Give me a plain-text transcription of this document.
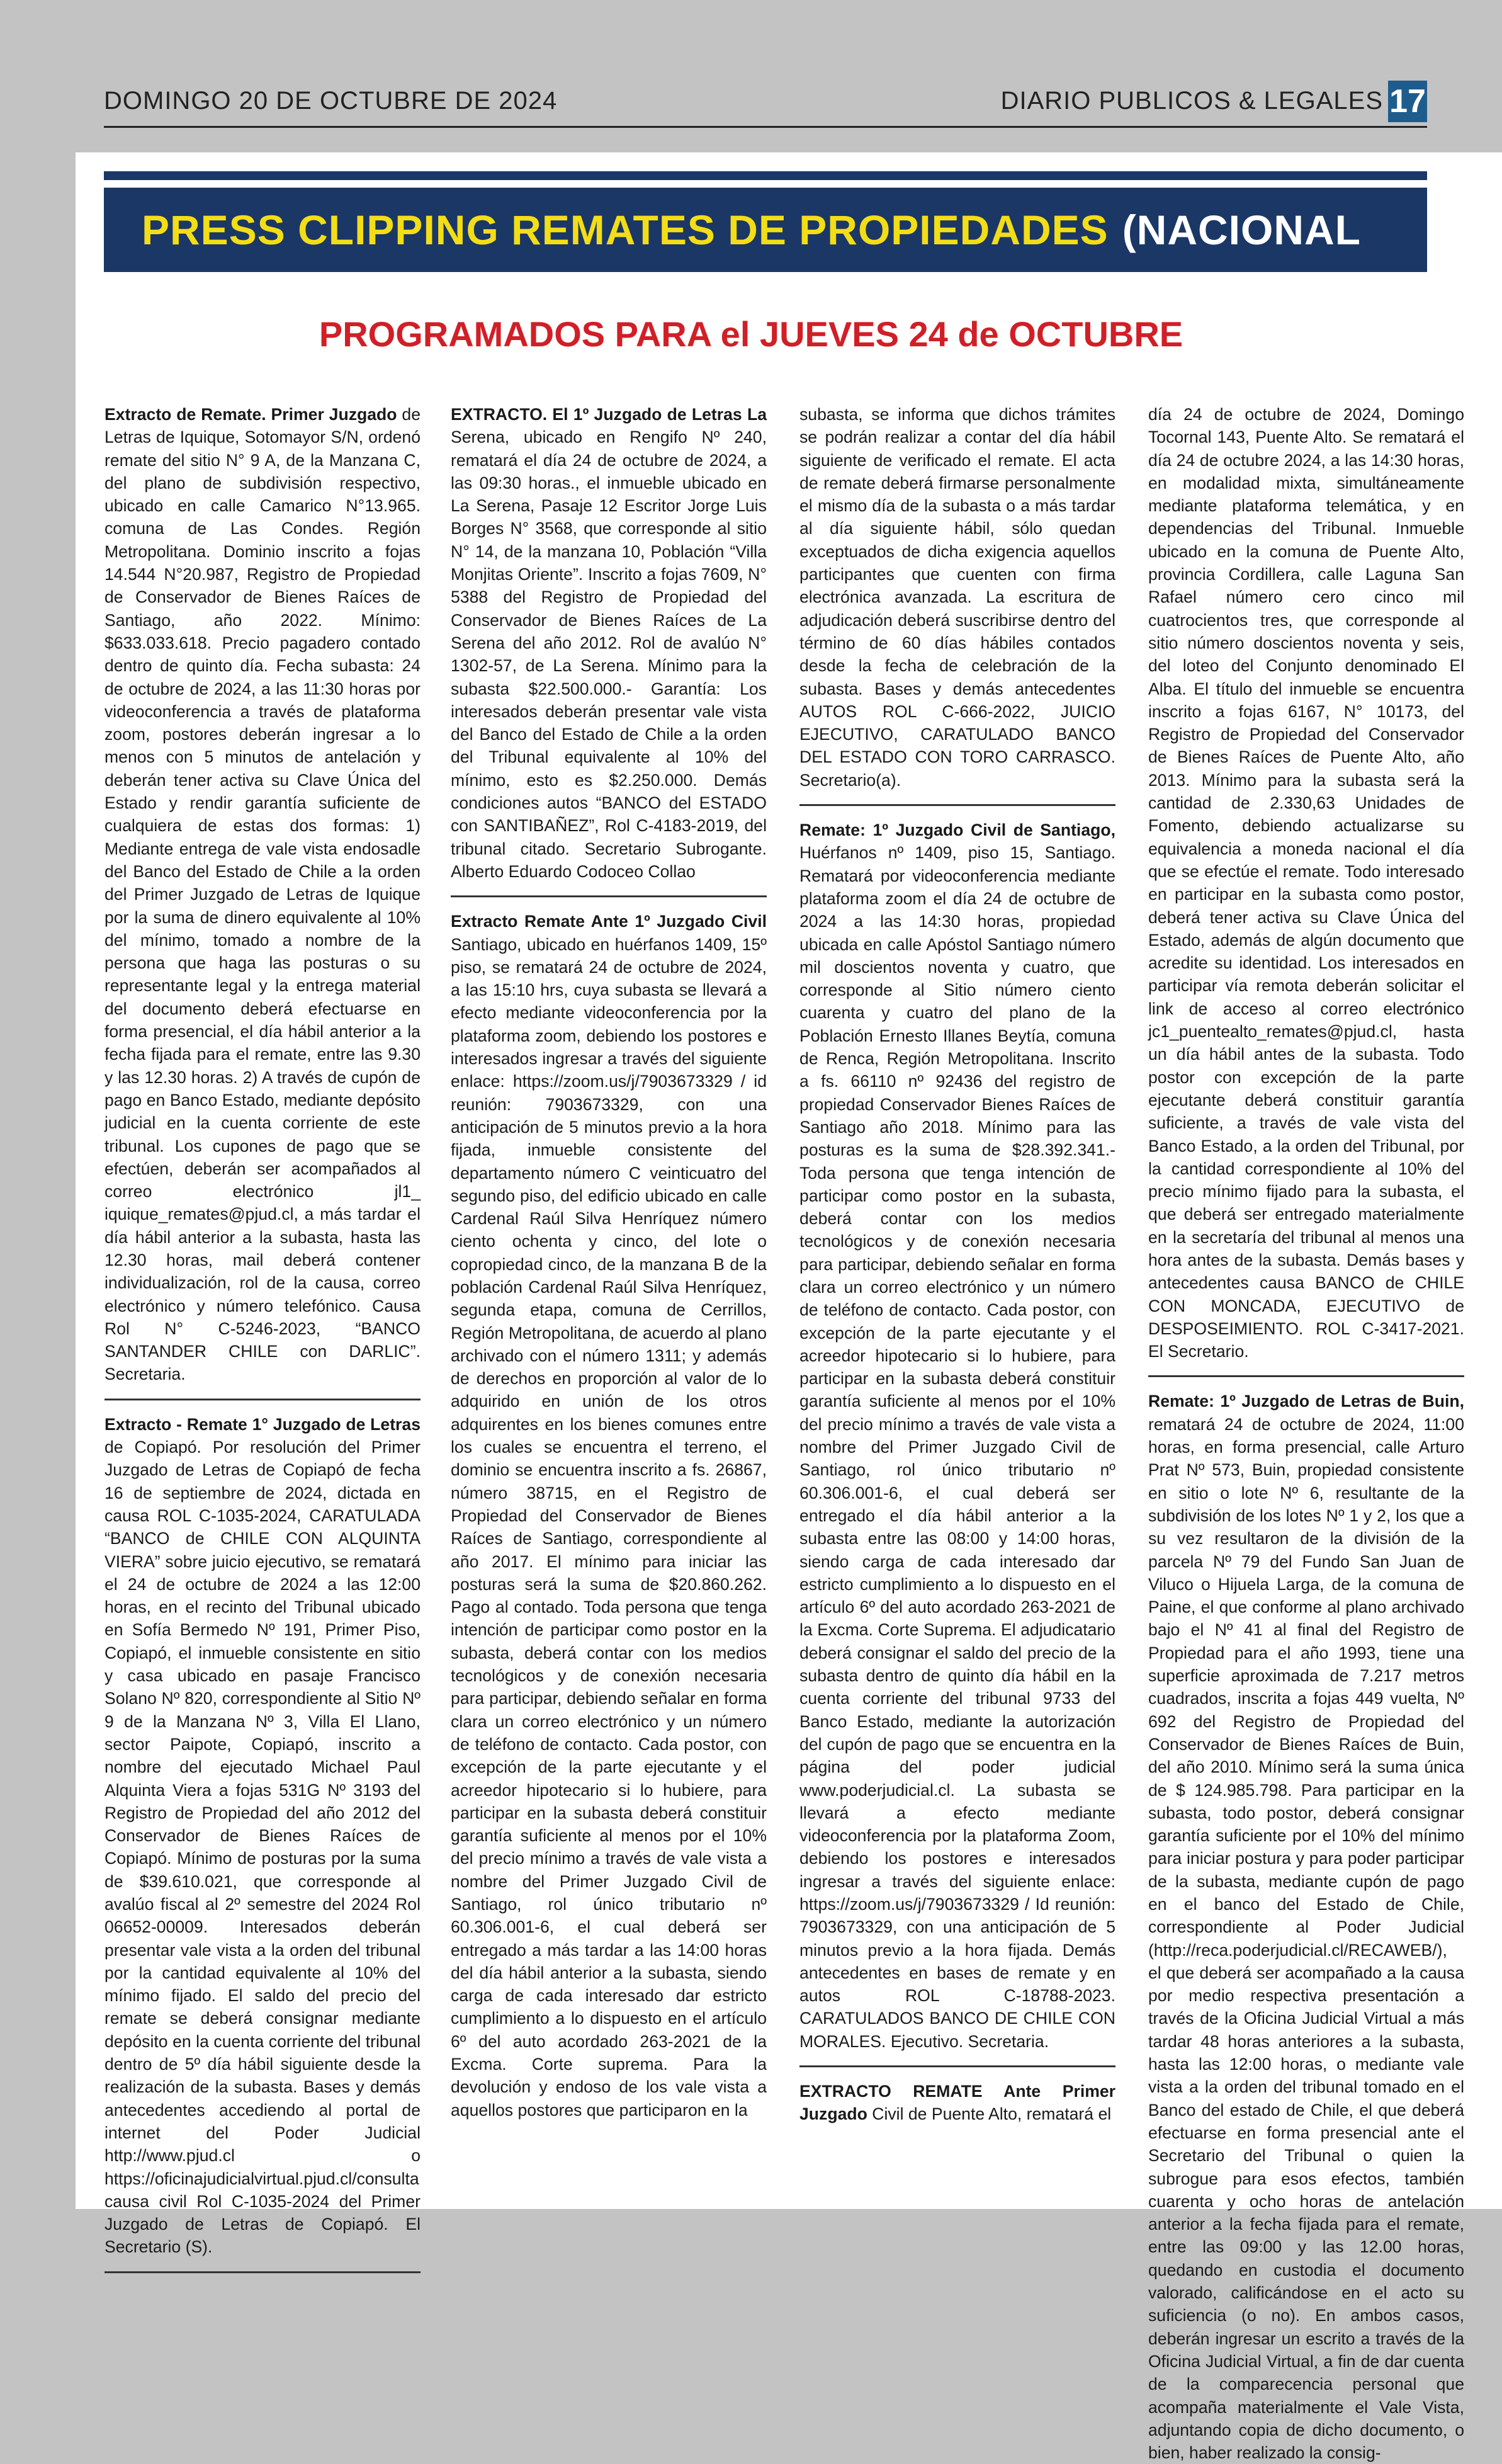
DOMINGO 20 DE OCTUBRE DE 2024	DIARIO PUBLICOS & LEGALES 17
PRESS CLIPPING REMATES DE PROPIEDADES (NACIONAL
PROGRAMADOS PARA el JUEVES 24 de OCTUBRE

Extracto de Remate. Primer Juzgado de Letras de Iquique, Sotomayor S/N, ordenó remate del sitio N° 9 A, de la Manzana C, del plano de subdivisión respectivo, ubicado en calle Camarico N°13.965. comuna de Las Condes. Región Metropolitana. Dominio inscrito a fojas 14.544 N°20.987, Registro de Propiedad de Conservador de Bienes Raíces de Santiago, año 2022. Mínimo: $633.033.618. Precio pagadero contado dentro de quinto día. Fecha subasta: 24 de octubre de 2024, a las 11:30 horas por videoconferencia a través de plataforma zoom, postores deberán ingresar a lo menos con 5 minutos de antelación y deberán tener activa su Clave Única del Estado y rendir garantía suficiente de cualquiera de estas dos formas: 1) Mediante entrega de vale vista endosadle del Banco del Estado de Chile a la orden del Primer Juzgado de Letras de Iquique por la suma de dinero equivalente al 10% del mínimo, tomado a nombre de la persona que haga las posturas o su representante legal y la entrega material del documento deberá efectuarse en forma presencial, el día hábil anterior a la fecha fijada para el remate, entre las 9.30 y las 12.30 horas. 2) A través de cupón de pago en Banco Estado, mediante depósito judicial en la cuenta corriente de este tribunal. Los cupones de pago que se efectúen, deberán ser acompañados al correo electrónico jl1_ iquique_remates@pjud.cl, a más tardar el día hábil anterior a la subasta, hasta las 12.30 horas, mail deberá contener individualización, rol de la causa, correo electrónico y número telefónico. Causa Rol N° C-5246-2023, “BANCO SANTANDER CHILE con DARLIC”. Secretaria.

Extracto - Remate 1° Juzgado de Letras de Copiapó. Por resolución del Primer Juzgado de Letras de Copiapó de fecha 16 de septiembre de 2024, dictada en causa ROL C-1035-2024, CARATULADA “BANCO de CHILE CON ALQUINTA VIERA” sobre juicio ejecutivo, se rematará el 24 de octubre de 2024 a las 12:00 horas, en el recinto del Tribunal ubicado en Sofía Bermedo Nº 191, Primer Piso, Copiapó, el inmueble consistente en sitio y casa ubicado en pasaje Francisco Solano Nº 820, correspondiente al Sitio Nº 9 de la Manzana Nº 3, Villa El Llano, sector Paipote, Copiapó, inscrito a nombre del ejecutado Michael Paul Alquinta Viera a fojas 531G Nº 3193 del Registro de Propiedad del año 2012 del Conservador de Bienes Raíces de Copiapó. Mínimo de posturas por la suma de $39.610.021, que corresponde al avalúo fiscal al 2º semestre del 2024 Rol 06652-00009. Interesados deberán presentar vale vista a la orden del tribunal por la cantidad equivalente al 10% del mínimo fijado. El saldo del precio del remate se deberá consignar mediante depósito en la cuenta corriente del tribunal dentro de 5º día hábil siguiente desde la realización de la subasta. Bases y demás antecedentes accediendo al portal de internet del Poder Judicial http://www.pjud.cl o https://oficinajudicialvirtual.pjud.cl/consulta causa civil Rol C-1035-2024 del Primer Juzgado de Letras de Copiapó. El Secretario (S).

EXTRACTO. El 1º Juzgado de Letras La Serena, ubicado en Rengifo Nº 240, rematará el día 24 de octubre de 2024, a las 09:30 horas., el inmueble ubicado en La Serena, Pasaje 12 Escritor Jorge Luis Borges N° 3568, que corresponde al sitio N° 14, de la manzana 10, Población “Villa Monjitas Oriente”. Inscrito a fojas 7609, N° 5388 del Registro de Propiedad del Conservador de Bienes Raíces de La Serena del año 2012. Rol de avalúo N° 1302-57, de La Serena. Mínimo para la subasta $22.500.000.- Garantía: Los interesados deberán presentar vale vista del Banco del Estado de Chile a la orden del Tribunal equivalente al 10% del mínimo, esto es $2.250.000. Demás condiciones autos “BANCO del ESTADO con SANTIBAÑEZ”, Rol C-4183-2019, del tribunal citado. Secretario Subrogante. Alberto Eduardo Codoceo Collao

Extracto Remate Ante 1º Juzgado Civil Santiago, ubicado en huérfanos 1409, 15º piso, se rematará 24 de octubre de 2024, a las 15:10 hrs, cuya subasta se llevará a efecto mediante videoconferencia por la plataforma zoom, debiendo los postores e interesados ingresar a través del siguiente enlace: https://zoom.us/j/7903673329 / id reunión: 7903673329, con una anticipación de 5 minutos previo a la hora fijada, inmueble consistente del departamento número C veinticuatro del segundo piso, del edificio ubicado en calle Cardenal Raúl Silva Henríquez número ciento ochenta y cinco, del lote o copropiedad cinco, de la manzana B de la población Cardenal Raúl Silva Henríquez, segunda etapa, comuna de Cerrillos, Región Metropolitana, de acuerdo al plano archivado con el número 1311; y además de derechos en proporción al valor de lo adquirido en unión de los otros adquirentes en los bienes comunes entre los cuales se encuentra el terreno, el dominio se encuentra inscrito a fs. 26867, número 38715, en el Registro de Propiedad del Conservador de Bienes Raíces de Santiago, correspondiente al año 2017. El mínimo para iniciar las posturas será la suma de $20.860.262. Pago al contado. Toda persona que tenga intención de participar como postor en la subasta, deberá contar con los medios tecnológicos y de conexión necesaria para participar, debiendo señalar en forma clara un correo electrónico y un número de teléfono de contacto. Cada postor, con excepción de la parte ejecutante y el acreedor hipotecario si lo hubiere, para participar en la subasta deberá constituir garantía suficiente al menos por el 10% del precio mínimo a través de vale vista a nombre del Primer Juzgado Civil de Santiago, rol único tributario nº 60.306.001-6, el cual deberá ser entregado a más tardar a las 14:00 horas del día hábil anterior a la subasta, siendo carga de cada interesado dar estricto cumplimiento a lo dispuesto en el artículo 6º del auto acordado 263-2021 de la Excma. Corte suprema. Para la devolución y endoso de los vale vista a aquellos postores que participaron en la

subasta, se informa que dichos trámites se podrán realizar a contar del día hábil siguiente de verificado el remate. El acta de remate deberá firmarse personalmente el mismo día de la subasta o a más tardar al día siguiente hábil, sólo quedan exceptuados de dicha exigencia aquellos participantes que cuenten con firma electrónica avanzada. La escritura de adjudicación deberá suscribirse dentro del término de 60 días hábiles contados desde la fecha de celebración de la subasta. Bases y demás antecedentes AUTOS ROL C-666-2022, JUICIO EJECUTIVO, CARATULADO BANCO DEL ESTADO CON TORO CARRASCO. Secretario(a).

Remate: 1º Juzgado Civil de Santiago, Huérfanos nº 1409, piso 15, Santiago. Rematará por videoconferencia mediante plataforma zoom el día 24 de octubre de 2024 a las 14:30 horas, propiedad ubicada en calle Apóstol Santiago número mil doscientos noventa y cuatro, que corresponde al Sitio número ciento cuarenta y cuatro del plano de la Población Ernesto Illanes Beytía, comuna de Renca, Región Metropolitana. Inscrito a fs. 66110 nº 92436 del registro de propiedad Conservador Bienes Raíces de Santiago año 2018. Mínimo para las posturas es la suma de $28.392.341.- Toda persona que tenga intención de participar como postor en la subasta, deberá contar con los medios tecnológicos y de conexión necesaria para participar, debiendo señalar en forma clara un correo electrónico y un número de teléfono de contacto. Cada postor, con excepción de la parte ejecutante y el acreedor hipotecario si lo hubiere, para participar en la subasta deberá constituir garantía suficiente al menos por el 10% del precio mínimo a través de vale vista a nombre del Primer Juzgado Civil de Santiago, rol único tributario nº 60.306.001-6, el cual deberá ser entregado el día hábil anterior a la subasta entre las 08:00 y 14:00 horas, siendo carga de cada interesado dar estricto cumplimiento a lo dispuesto en el artículo 6º del auto acordado 263-2021 de la Excma. Corte Suprema. El adjudicatario deberá consignar el saldo del precio de la subasta dentro de quinto día hábil en la cuenta corriente del tribunal 9733 del Banco Estado, mediante la autorización del cupón de pago que se encuentra en la página del poder judicial www.poderjudicial.cl. La subasta se llevará a efecto mediante videoconferencia por la plataforma Zoom, debiendo los postores e interesados ingresar a través del siguiente enlace: https://zoom.us/j/7903673329 / Id reunión: 7903673329, con una anticipación de 5 minutos previo a la hora fijada. Demás antecedentes en bases de remate y en autos ROL C-18788-2023. CARATULADOS BANCO DE CHILE CON MORALES. Ejecutivo. Secretaria.

EXTRACTO REMATE Ante Primer Juzgado Civil de Puente Alto, rematará el

día 24 de octubre de 2024, Domingo Tocornal 143, Puente Alto. Se rematará el día 24 de octubre 2024, a las 14:30 horas, en modalidad mixta, simultáneamente mediante plataforma telemática, y en dependencias del Tribunal. Inmueble ubicado en la comuna de Puente Alto, provincia Cordillera, calle Laguna San Rafael número cero cinco mil cuatrocientos tres, que corresponde al sitio número doscientos noventa y seis, del loteo del Conjunto denominado El Alba. El título del inmueble se encuentra inscrito a fojas 6167, N° 10173, del Registro de Propiedad del Conservador de Bienes Raíces de Puente Alto, año 2013. Mínimo para la subasta será la cantidad de 2.330,63 Unidades de Fomento, debiendo actualizarse su equivalencia a moneda nacional el día que se efectúe el remate. Todo interesado en participar en la subasta como postor, deberá tener activa su Clave Única del Estado, además de algún documento que acredite su identidad. Los interesados en participar vía remota deberán solicitar el link de acceso al correo electrónico jc1_puentealto_remates@pjud.cl, hasta un día hábil antes de la subasta. Todo postor con excepción de la parte ejecutante deberá constituir garantía suficiente, a través de vale vista del Banco Estado, a la orden del Tribunal, por la cantidad correspondiente al 10% del precio mínimo fijado para la subasta, el que deberá ser entregado materialmente en la secretaría del tribunal al menos una hora antes de la subasta. Demás bases y antecedentes causa BANCO de CHILE CON MONCADA, EJECUTIVO de DESPOSEIMIENTO. ROL C-3417-2021. El Secretario.

Remate: 1º Juzgado de Letras de Buin, rematará 24 de octubre de 2024, 11:00 horas, en forma presencial, calle Arturo Prat Nº 573, Buin, propiedad consistente en sitio o lote Nº 6, resultante de la subdivisión de los lotes Nº 1 y 2, los que a su vez resultaron de la división de la parcela Nº 79 del Fundo San Juan de Viluco o Hijuela Larga, de la comuna de Paine, el que conforme al plano archivado bajo el Nº 41 al final del Registro de Propiedad para el año 1993, tiene una superficie aproximada de 7.217 metros cuadrados, inscrita a fojas 449 vuelta, Nº 692 del Registro de Propiedad del Conservador de Bienes Raíces de Buin, del año 2010. Mínimo será la suma única de $ 124.985.798. Para participar en la subasta, todo postor, deberá consignar garantía suficiente por el 10% del mínimo para iniciar postura y para poder participar de la subasta, mediante cupón de pago en el banco del Estado de Chile, correspondiente al Poder Judicial (http://reca.poderjudicial.cl/RECAWEB/), el que deberá ser acompañado a la causa por medio respectiva presentación a través de la Oficina Judicial Virtual a más tardar 48 horas anteriores a la subasta, hasta las 12:00 horas, o mediante vale vista a la orden del tribunal tomado en el Banco del estado de Chile, el que deberá efectuarse en forma presencial ante el Secretario del Tribunal o quien la subrogue para esos efectos, también cuarenta y ocho horas de antelación anterior a la fecha fijada para el remate, entre las 09:00 y las 12.00 horas, quedando en custodia el documento valorado, calificándose en el acto su suficiencia (o no). En ambos casos, deberán ingresar un escrito a través de la Oficina Judicial Virtual, a fin de dar cuenta de la comparecencia personal que acompaña materialmente el Vale Vista, adjuntando copia de dicho documento, o bien, haber realizado la consig-
